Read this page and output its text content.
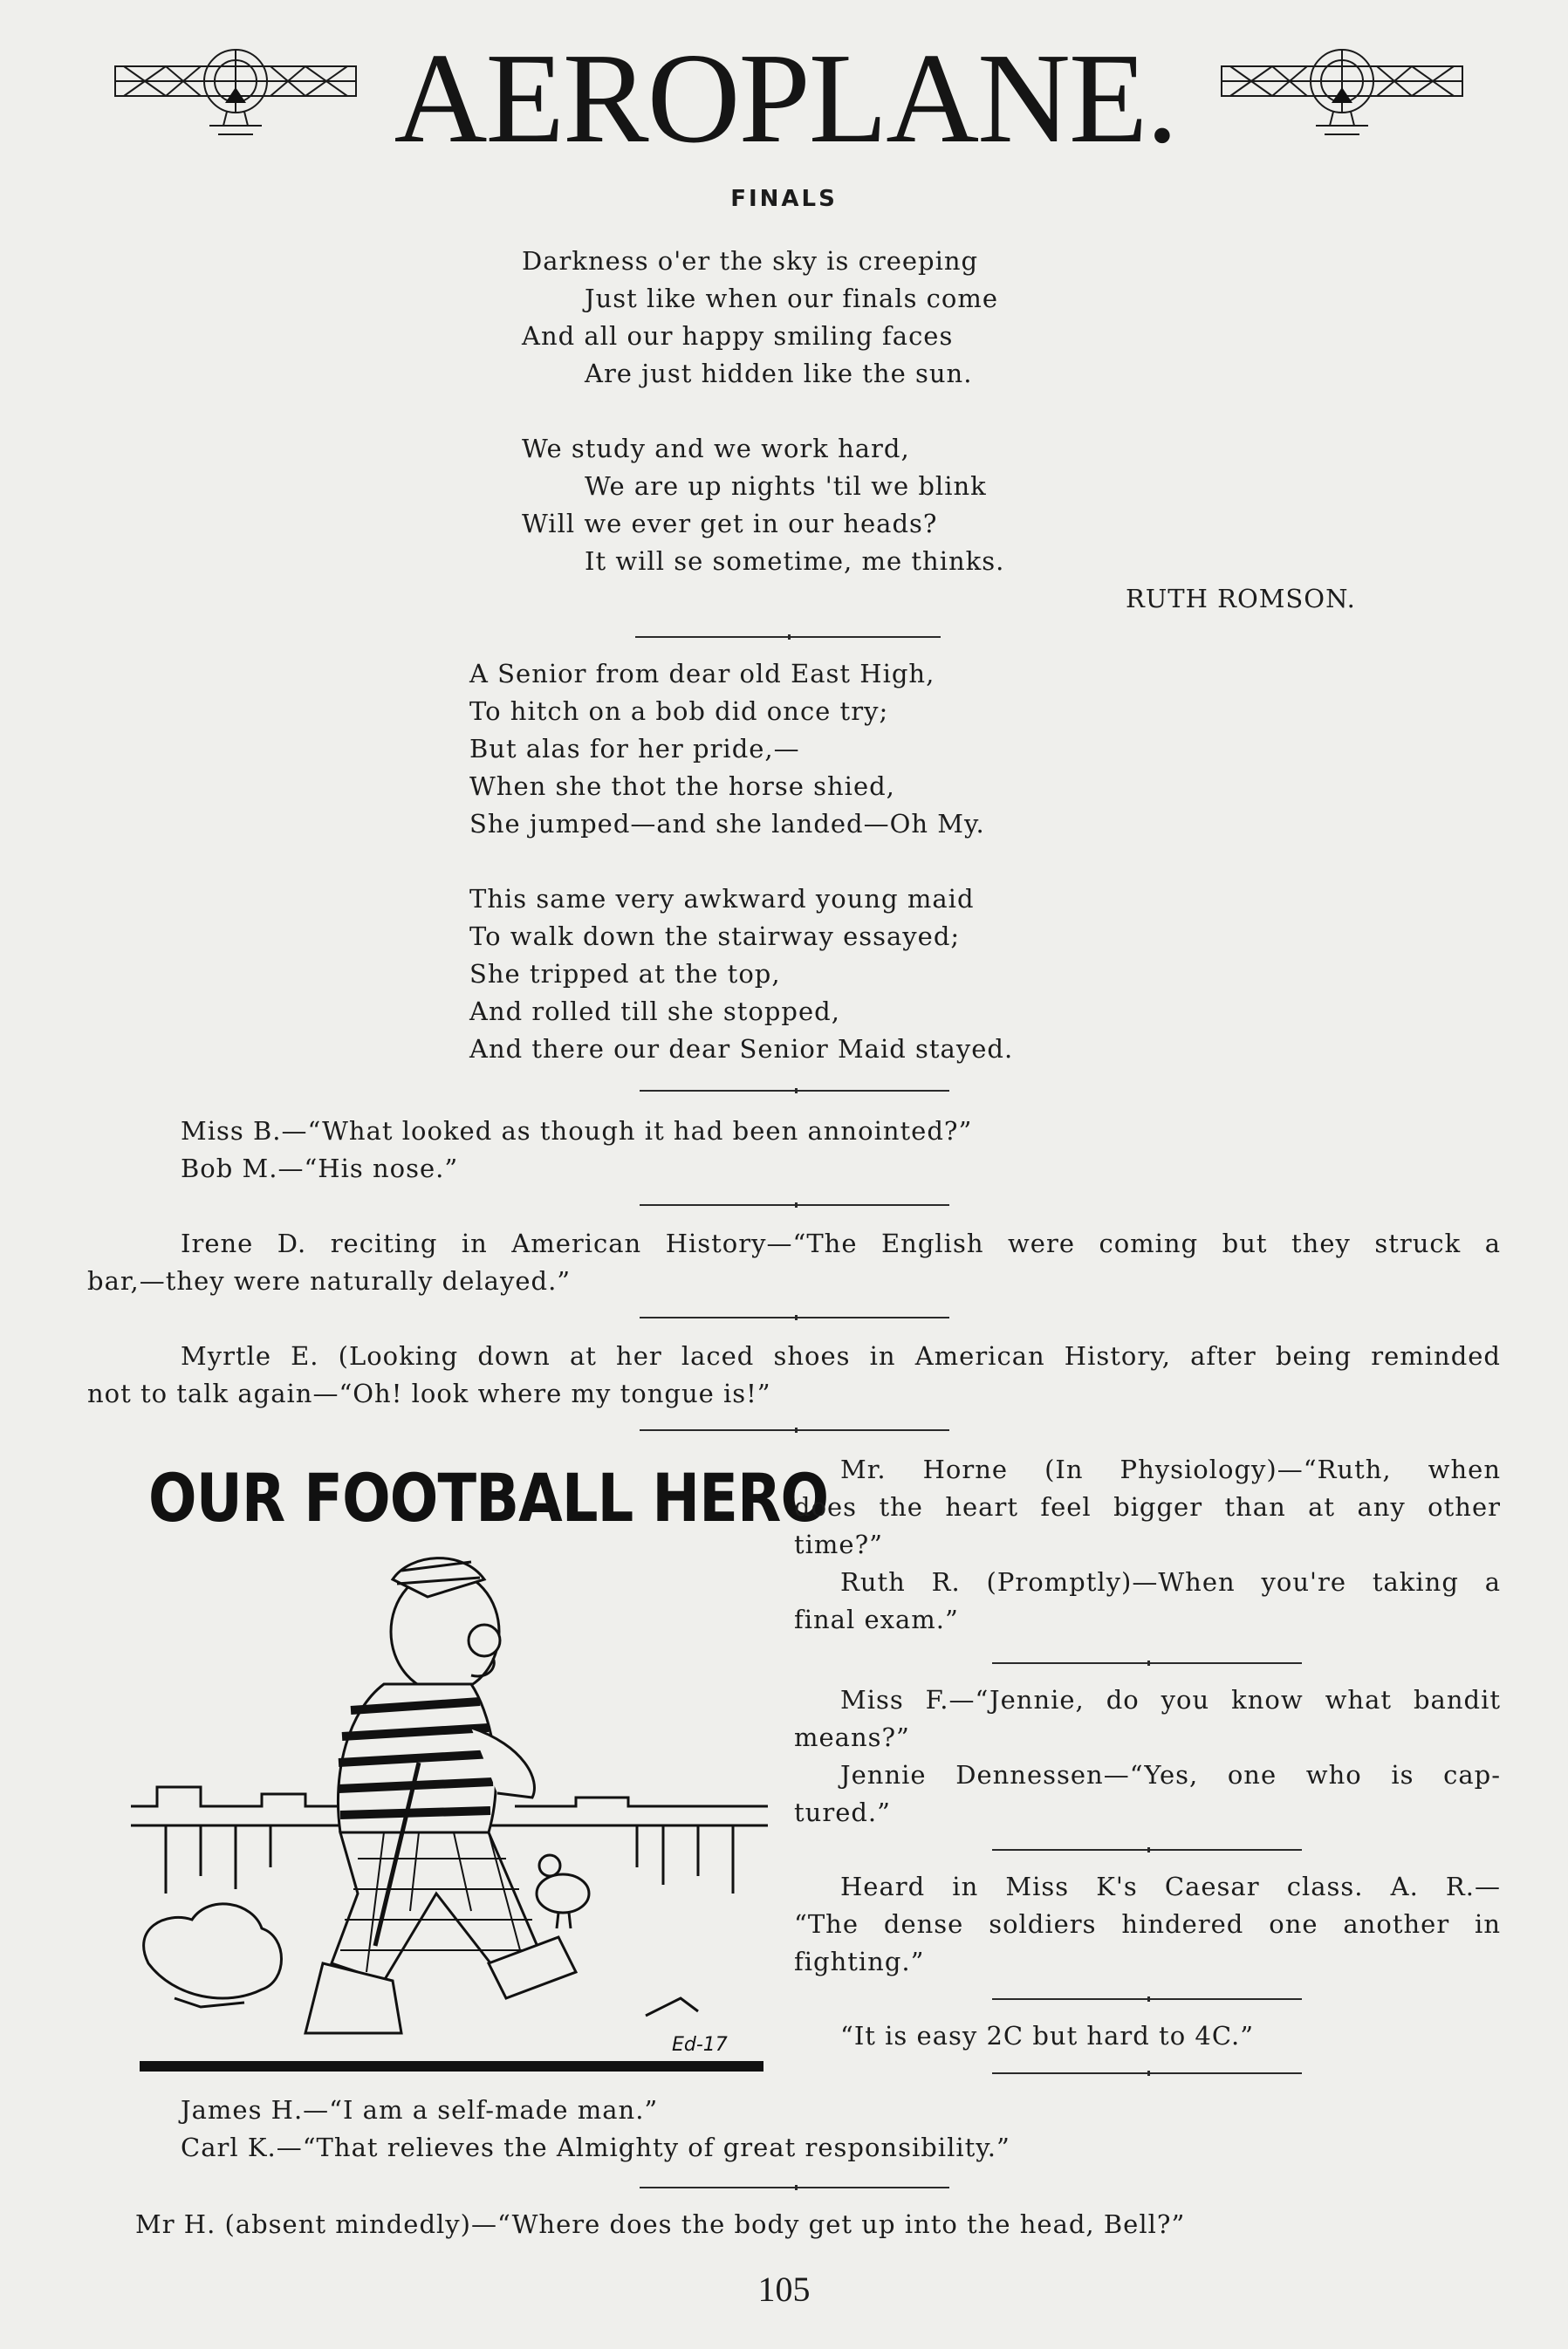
AEROPLANE.
FINALS
Darkness o'er the sky is creeping
Just like when our finals come
And all our happy smiling faces
Are just hidden like the sun.
We study and we work hard,
We are up nights 'til we blink
Will we ever get in our heads?
It will se sometime, me thinks.
RUTH ROMSON.
A Senior from dear old East High,
To hitch on a bob did once try;
But alas for her pride,—
When she thot the horse shied,
She jumped—and she landed—Oh My.
This same very awkward young maid
To walk down the stairway essayed;
She tripped at the top,
And rolled till she stopped,
And there our dear Senior Maid stayed.
Miss B.—“What looked as though it had been annointed?”
Bob M.—“His nose.”
Irene D. reciting in American History—“The English were coming but they struck a
bar,—they were naturally delayed.”
Myrtle E. (Looking down at her laced shoes in American History, after being reminded
not to talk again—“Oh! look where my tongue is!”
OUR FOOTBALL HERO
Ed-17
Mr. Horne (In Physiology)—“Ruth, when
does the heart feel bigger than at any other
time?”
Ruth R. (Promptly)—When you're taking a
final exam.”
Miss F.—“Jennie, do you know what bandit
means?”
Jennie Dennessen—“Yes, one who is cap-
tured.”
Heard in Miss K's Caesar class. A. R.—
“The dense soldiers hindered one another in
fighting.”
“It is easy 2C but hard to 4C.”
James H.—“I am a self-made man.”
Carl K.—“That relieves the Almighty of great responsibility.”
Mr H. (absent mindedly)—“Where does the body get up into the head, Bell?”
105
